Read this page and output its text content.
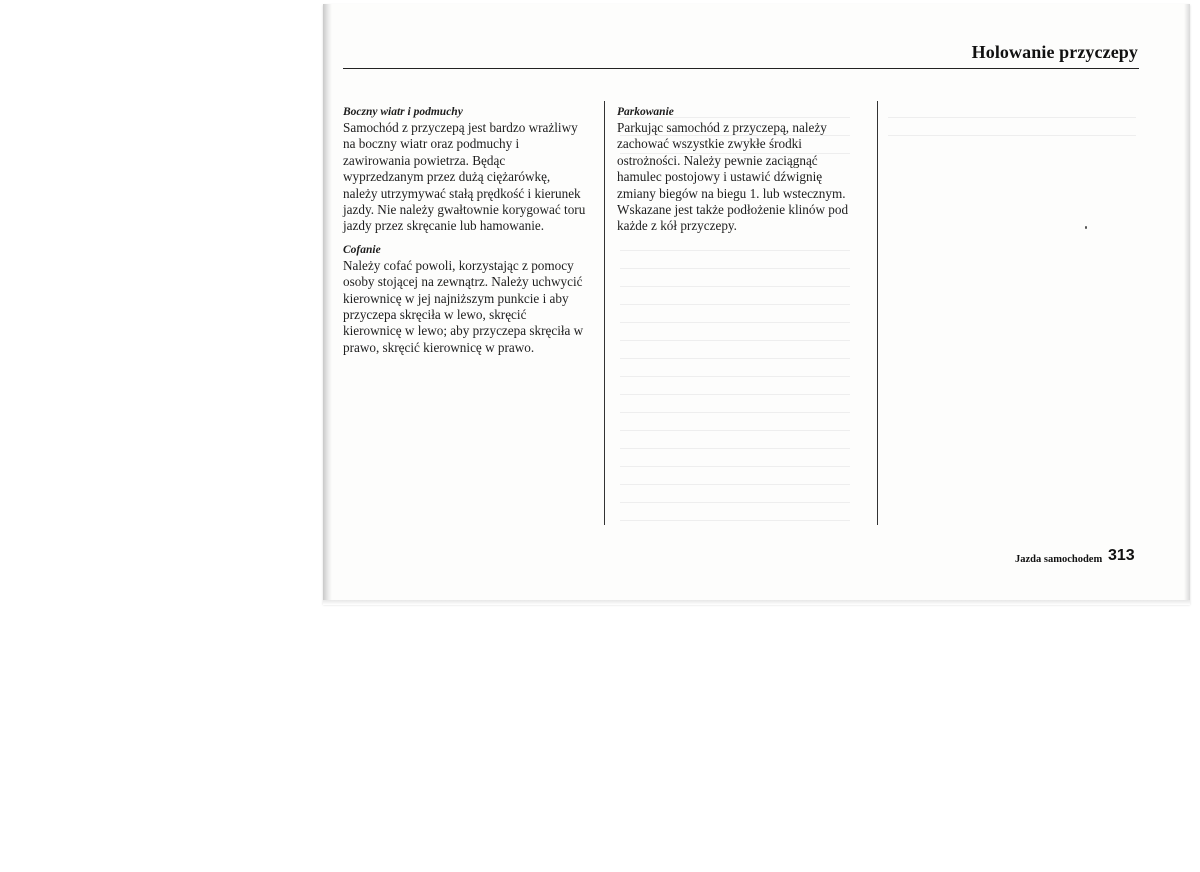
Holowanie przyczepy

Boczny wiatr i podmuchy

Samochód z przyczepą jest bardzo wrażliwy
na boczny wiatr oraz podmuchy i
zawirowania powietrza. Będąc
wyprzedzanym przez dużą ciężarówkę,
należy utrzymywać stałą prędkość i kierunek
jazdy. Nie należy gwałtownie korygować toru
jazdy przez skręcanie lub hamowanie.

Cofanie

Należy cofać powoli, korzystając z pomocy
osoby stojącej na zewnątrz. Należy uchwycić
kierownicę w jej najniższym punkcie i aby
przyczepa skręciła w lewo, skręcić
kierownicę w lewo; aby przyczepa skręciła w
prawo, skręcić kierownicę w prawo.

Parkowanie

Parkując samochód z przyczepą, należy
zachować wszystkie zwykłe środki
ostrożności. Należy pewnie zaciągnąć
hamulec postojowy i ustawić dźwignię
zmiany biegów na biegu 1. lub wstecznym.
Wskazane jest także podłożenie klinów pod
każde z kół przyczepy.

Jazda samochodem 313
